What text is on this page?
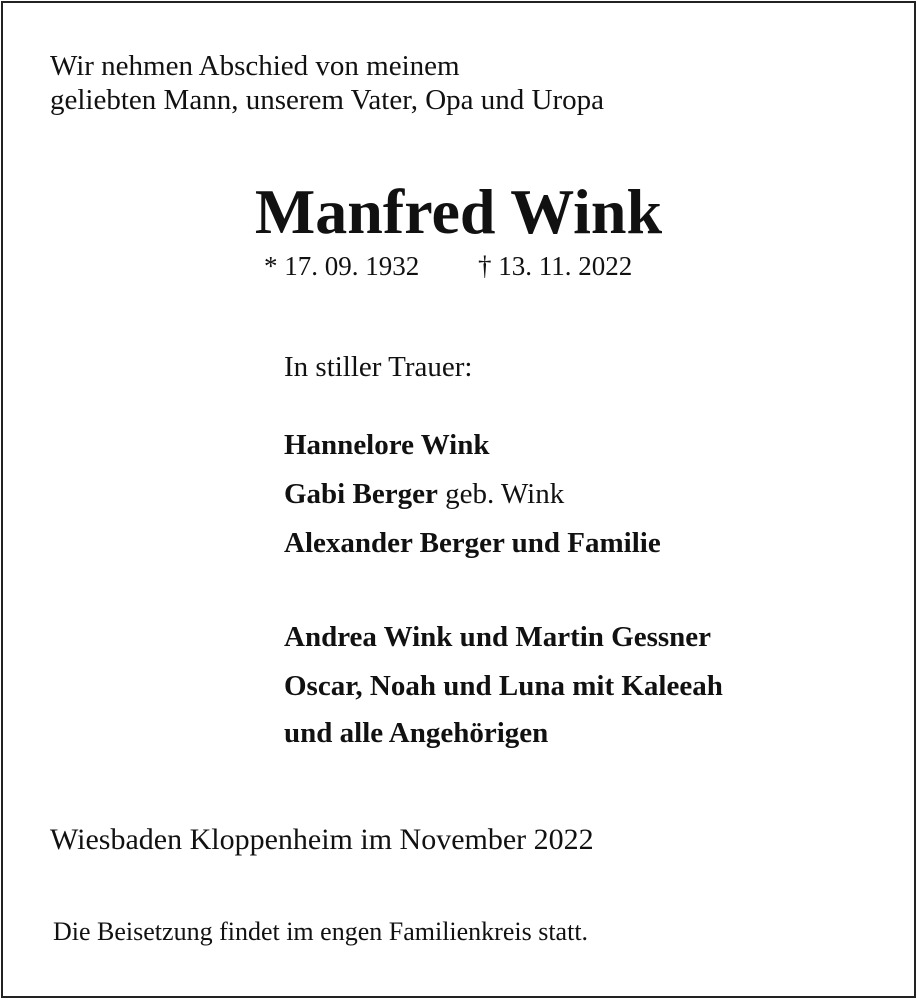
Wir nehmen Abschied von meinem
geliebten Mann, unserem Vater, Opa und Uropa
Manfred Wink
* 17. 09. 1932 † 13. 11. 2022
In stiller Trauer:
Hannelore Wink
Gabi Berger geb. Wink
Alexander Berger und Familie
Andrea Wink und Martin Gessner
Oscar, Noah und Luna mit Kaleeah
und alle Angehörigen
Wiesbaden Kloppenheim im November 2022
Die Beisetzung findet im engen Familienkreis statt.
